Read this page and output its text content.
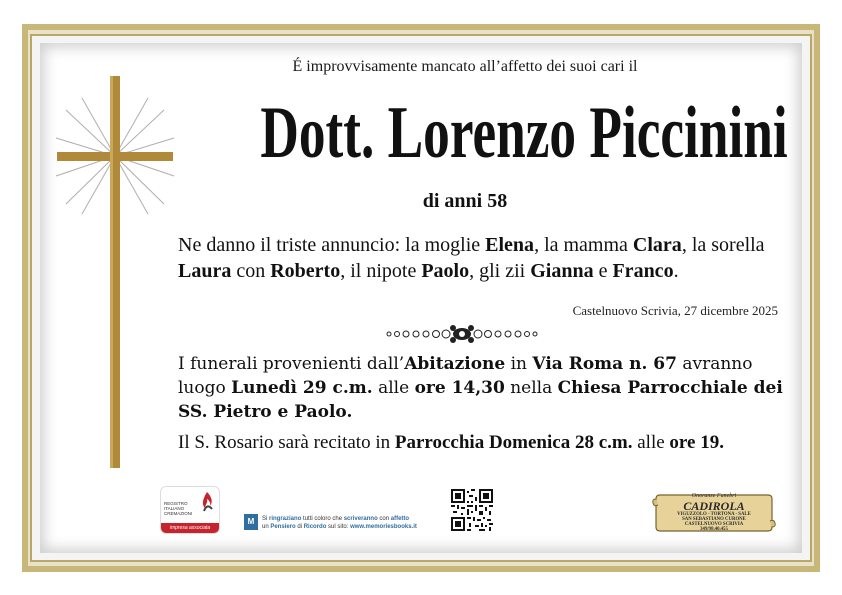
É improvvisamente mancato all’affetto dei suoi cari il

Dott. Lorenzo Piccinini

di anni 58

Ne danno il triste annuncio: la moglie Elena, la mamma Clara, la sorella Laura con Roberto, il nipote Paolo, gli zii Gianna e Franco.

Castelnuovo Scrivia, 27 dicembre 2025

I funerali provenienti dall’Abitazione in Via Roma n. 67 avranno luogo Lunedì 29 c.m. alle ore 14,30 nella Chiesa Parrocchiale dei SS. Pietro e Paolo.

Il S. Rosario sarà recitato in Parrocchia Domenica 28 c.m. alle ore 19.

REGISTRO
ITALIANO
CREMAZIONI
impresa associata
M	Si ringraziano tutti coloro che scriveranno con affetto
un Pensiero di Ricordo sul sito: www.memoriesbooks.it
Onoranze Funebri
CADIROLA
VIGUZZOLO - TORTONA - SALE
SAN SEBASTIANO CURONE
CASTELNUOVO SCRIVIA
349/98.40.455
